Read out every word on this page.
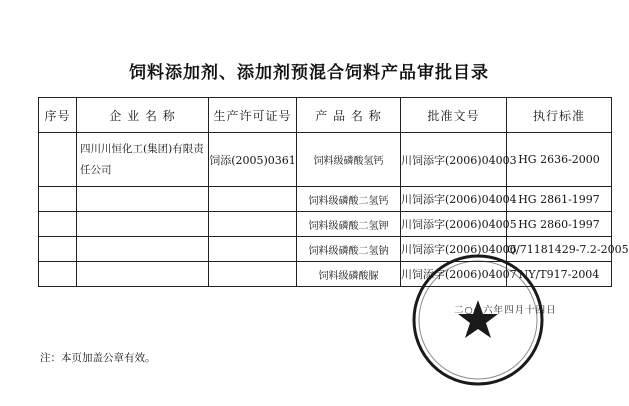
饲料添加剂、添加剂预混合饲料产品审批目录
序号	企 业 名 称	生产许可证号	产 品 名 称	批准文号	执行标准
	四川川恒化工(集团)有限责任公司	饲添(2005)0361	饲料级磷酸氢钙	川饲添字(2006)04003	HG 2636-2000
			饲料级磷酸二氢钙	川饲添字(2006)04004	HG 2861-1997
			饲料级磷酸二氢钾	川饲添字(2006)04005	HG 2860-1997
			饲料级磷酸二氢钠	川饲添字(2006)04006	Q/71181429-7.2-2005
			饲料级磷酸脲	川饲添字(2006)04007	NY/T917-2004
二○○六年四月十四日
注：本页加盖公章有效。
